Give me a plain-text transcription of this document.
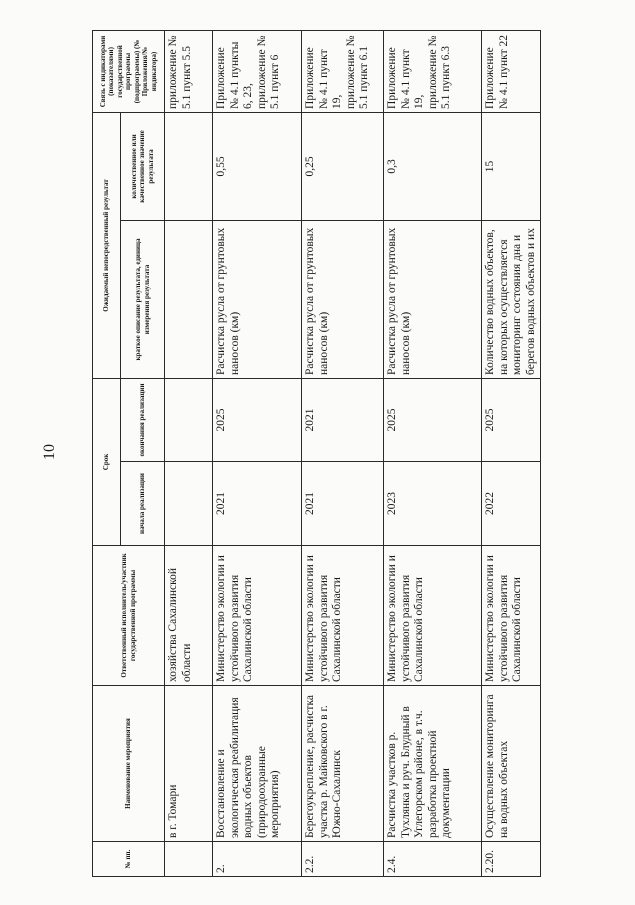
10
№ пп.	Наименование мероприятия	Ответственный исполнитель/участник государственной программы	Срок		Ожидаемый непосредственный результат		Связь с индикаторами (показателями) государственной программы (подпрограммы) (№ Приложения/№ индикатора)
			начала реализации	окончания реализации	краткое описание результата, единица измерения результата	количественное или качественное значение результата	
	в г. Томари	хозяйства Сахалинской области					приложение № 5.1 пункт 5.5
2.	Восстановление и экологическая реабилитация водных объектов (природоохранные мероприятия)	Министерство экологии и устойчивого развития Сахалинской области	2021	2025	Расчистка русла от грунтовых наносов (км)	0,55	Приложение № 4.1 пункты 6, 23, приложение № 5.1 пункт 6
2.2.	Берегоукрепление, расчистка участка р. Майковского в г. Южно-Сахалинск	Министерство экологии и устойчивого развития Сахалинской области	2021	2021	Расчистка русла от грунтовых наносов (км)	0,25	Приложение № 4.1 пункт 19, приложение № 5.1 пункт 6.1
2.4.	Расчистка участков р. Тухлянка и руч. Блудный в Углегорском районе, в т.ч. разработка проектной документации	Министерство экологии и устойчивого развития Сахалинской области	2023	2025	Расчистка русла от грунтовых наносов (км)	0,3	Приложение № 4.1 пункт 19, приложение № 5.1 пункт 6.3
2.20.	Осуществление мониторинга на водных объектах	Министерство экологии и устойчивого развития Сахалинской области	2022	2025	Количество водных объектов, на которых осуществляется мониторинг состояния дна и берегов водных объектов и их	15	Приложение № 4.1 пункт 22
